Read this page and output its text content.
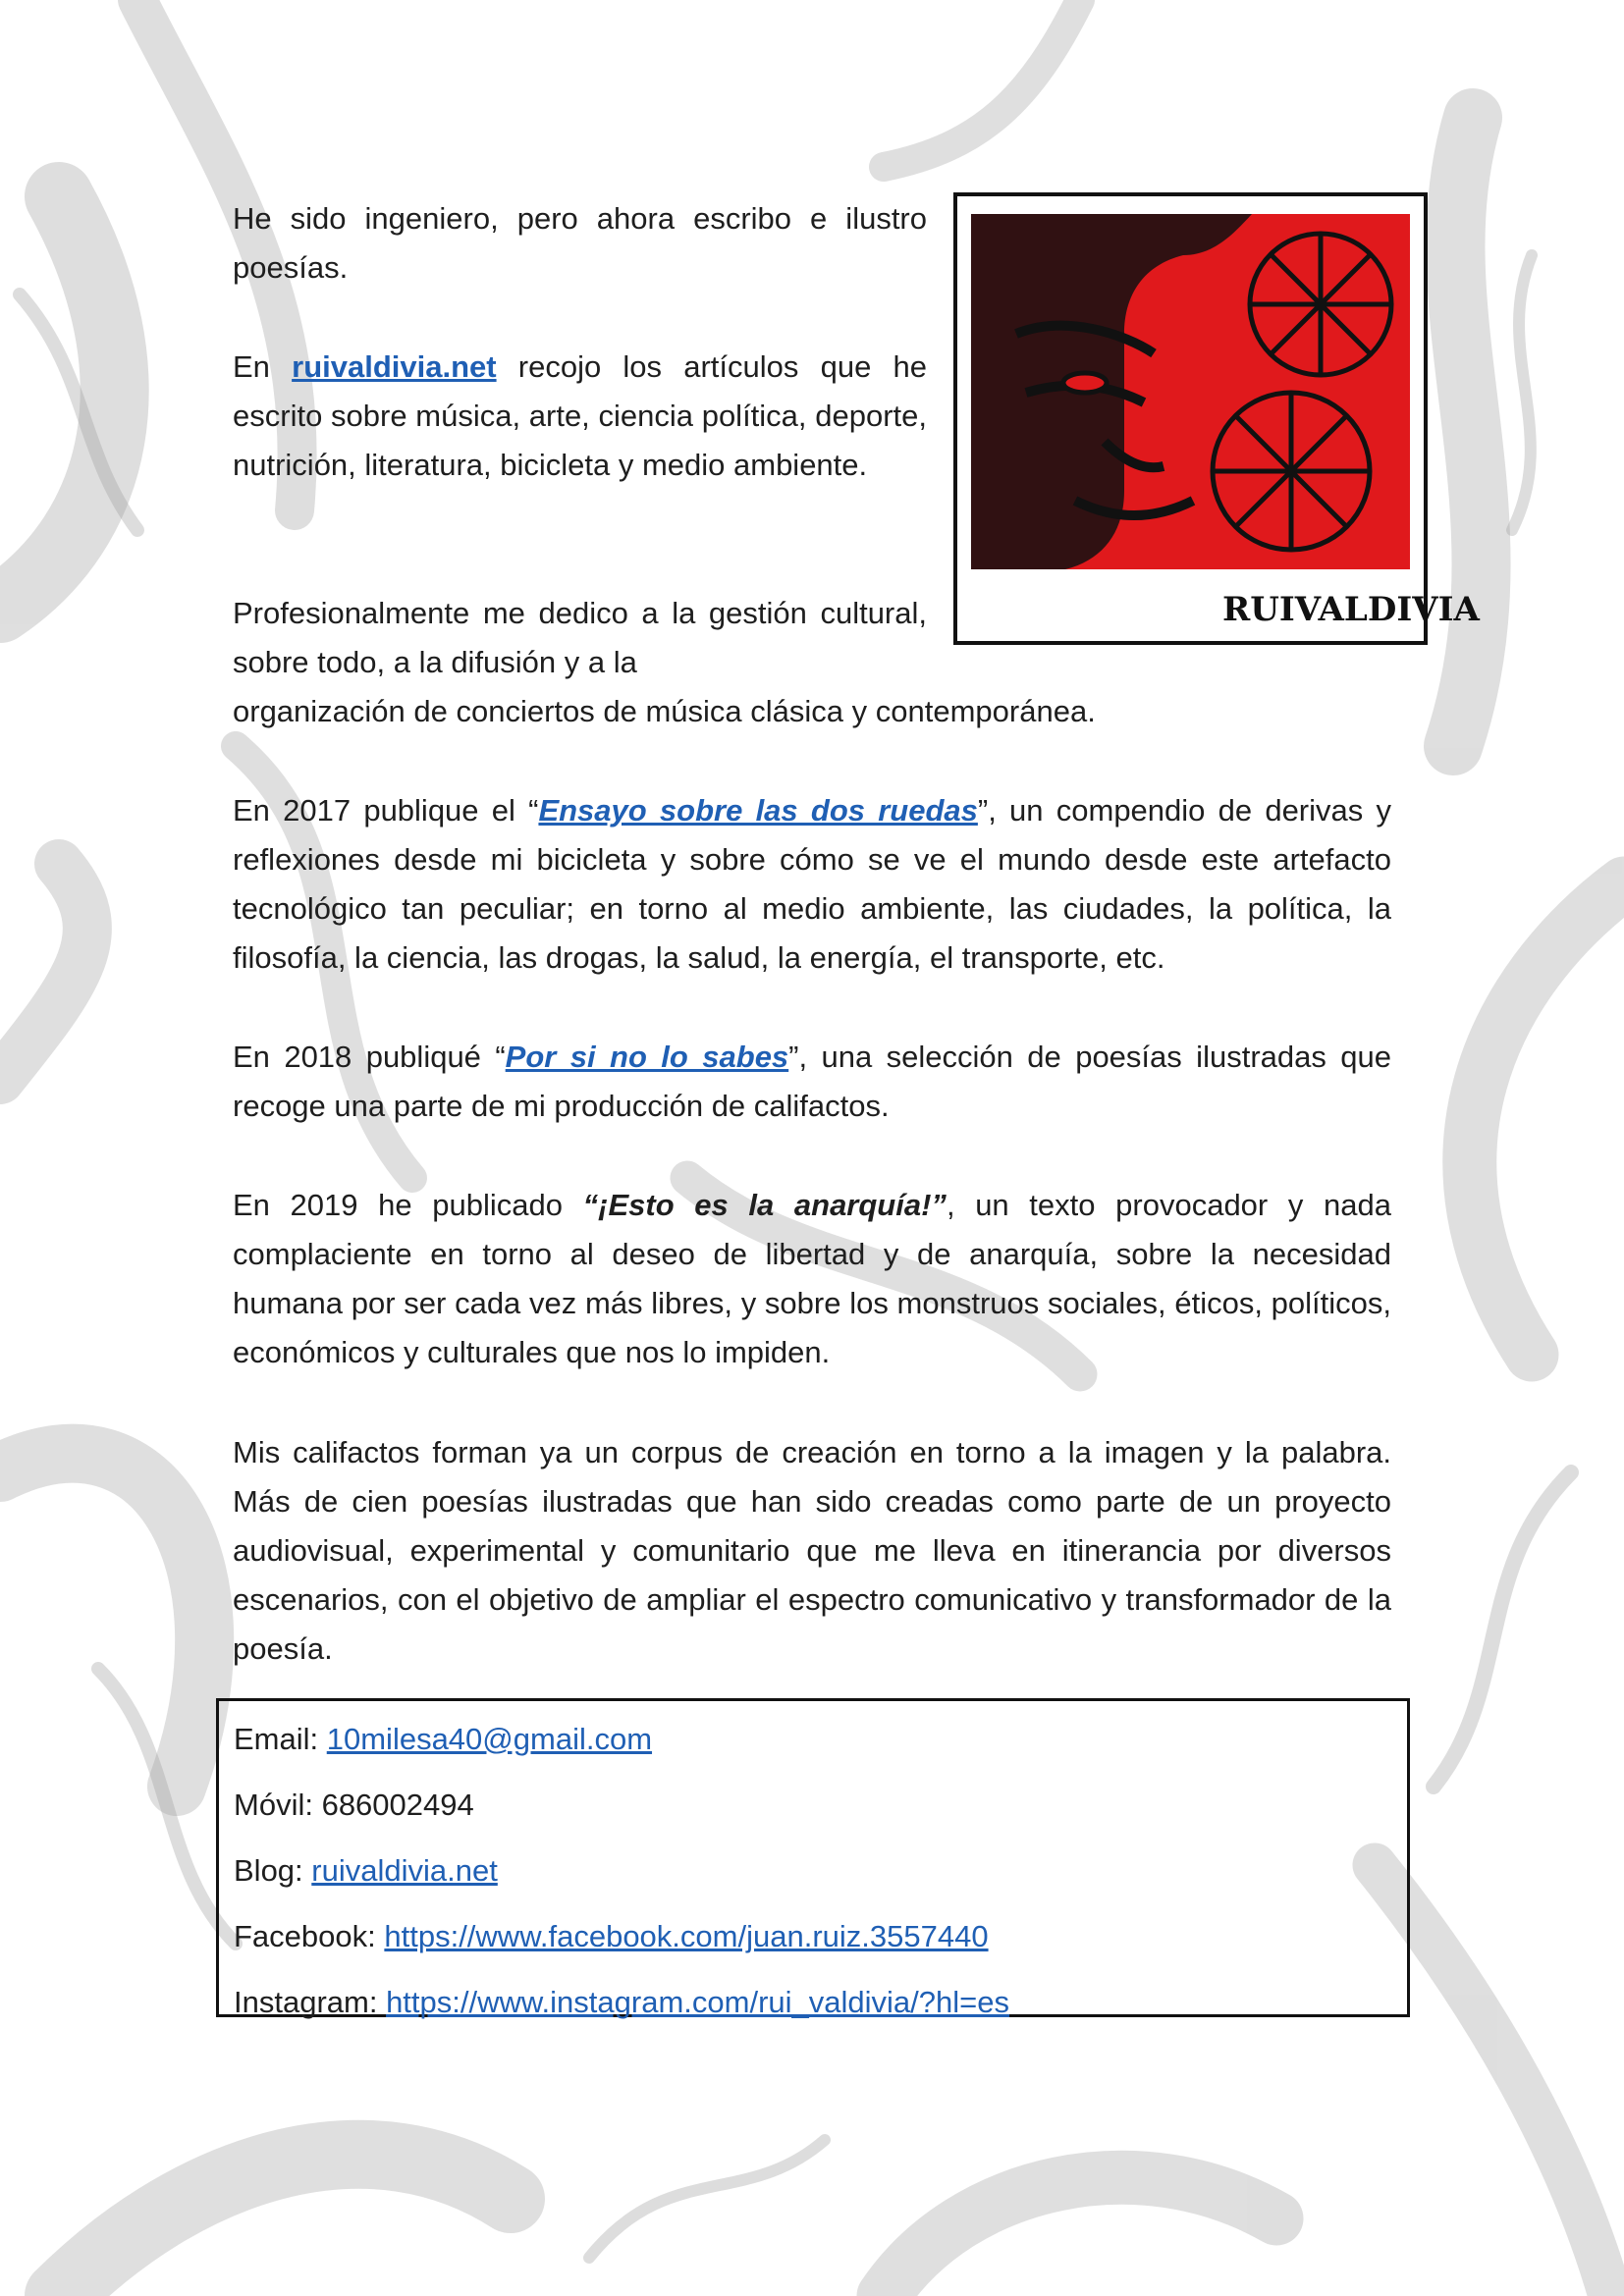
RUIVALDIVIA

He sido ingeniero, pero ahora escribo e ilustro poesías.

En ruivaldivia.net recojo los artículos que he escrito sobre música, arte, ciencia política, deporte, nutrición, literatura, bicicleta y medio ambiente.

Profesionalmente me dedico a la gestión cultural, sobre todo, a la difusión y a la

organización de conciertos de música clásica y contemporánea.

En 2017 publique el “Ensayo sobre las dos ruedas”, un compendio de derivas y reflexiones desde mi bicicleta y sobre cómo se ve el mundo desde este artefacto tecnológico tan peculiar; en torno al medio ambiente, las ciudades, la política, la filosofía, la ciencia, las drogas, la salud, la energía, el transporte, etc.

En 2018 publiqué “Por si no lo sabes”, una selección de poesías ilustradas que recoge una parte de mi producción de califactos.

En 2019 he publicado “¡Esto es la anarquía!”, un texto provocador y nada complaciente en torno al deseo de libertad y de anarquía, sobre la necesidad humana por ser cada vez más libres, y sobre los monstruos sociales, éticos, políticos, económicos y culturales que nos lo impiden.

Mis califactos forman ya un corpus de creación en torno a la imagen y la palabra. Más de cien poesías ilustradas que han sido creadas como parte de un proyecto audiovisual, experimental y comunitario que me lleva en itinerancia por diversos escenarios, con el objetivo de ampliar el espectro comunicativo y transformador de la poesía.

Email: 10milesa40@gmail.com
Móvil: 686002494
Blog: ruivaldivia.net
Facebook: https://www.facebook.com/juan.ruiz.3557440
Instagram: https://www.instagram.com/rui_valdivia/?hl=es
